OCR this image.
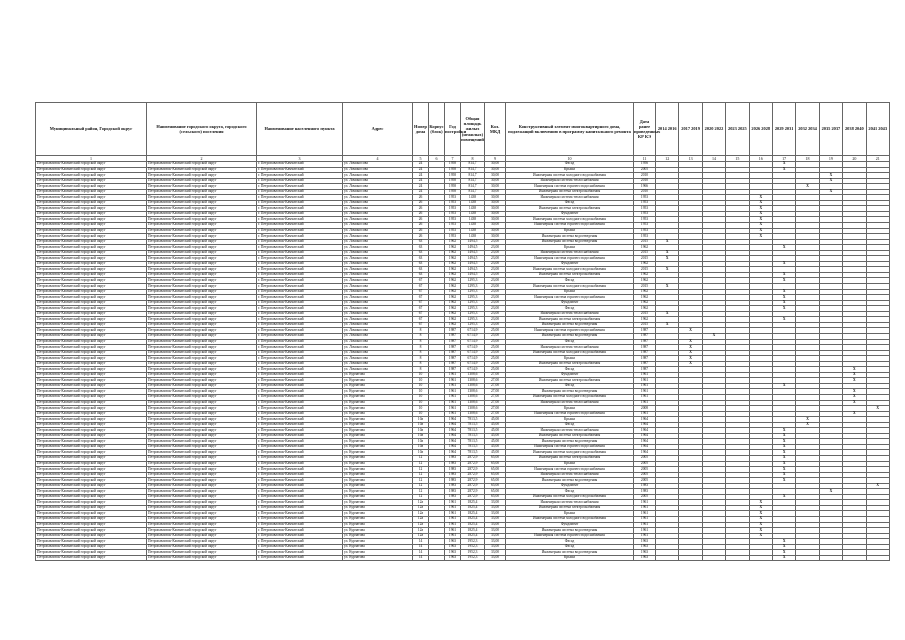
Муниципальный район, Городской округ	Наименование городского округа, городского (сельского) поселения	Наименование населенного пункта	Адрес	Номер дома	Корпус (блок)	Год постройки	Общая площадь жилых (нежилых) помещений	Кол. МКД	Конструктивный элемент многоквартирного дома, подлежащий включению в программу капитального ремонта	Дата ранее проведенных КР КЭ	2014 2016	2017 2019	2020 2022	2023 2025	2026 2028	2029 2031	2032 2034	2035 2037	2038 2040	2041 2043
1	2	3	4	5	6	7	8	9	10	11	12	13	14	15	16	17	18	19	20	21
Петропавловск-Камчатский городской округ	Петропавловск-Камчатский городской округ	г. Петропавловск-Камчатский	ул. Ломоносова	24		1958	814,7	30,00	Фасад	1956						X				
Петропавловск-Камчатский городской округ	Петропавловск-Камчатский городской округ	г. Петропавловск-Камчатский	ул. Ломоносова	24		1958	814,7	30,00	Крыша	2005						X				
Петропавловск-Камчатский городской округ	Петропавловск-Камчатский городской округ	г. Петропавловск-Камчатский	ул. Ломоносова	24		1958	814,7	30,00	Инженерная система холодного водоснабжения	2010								X		
Петропавловск-Камчатский городской округ	Петропавловск-Камчатский городской округ	г. Петропавловск-Камчатский	ул. Ломоносова	24		1958	814,7	30,00	Инженерная система теплоснабжения	2010								X		
Петропавловск-Камчатский городской округ	Петропавловск-Камчатский городской округ	г. Петропавловск-Камчатский	ул. Ломоносова	24		1958	814,7	30,00	Инженерная система горячего водоснабжения	1966							X			
Петропавловск-Камчатский городской округ	Петропавловск-Камчатский городской округ	г. Петропавловск-Камчатский	ул. Ломоносова	24		1958	814,7	30,00	Инженерная система электроснабжения	2010								X		
Петропавловск-Камчатский городской округ	Петропавловск-Камчатский городской округ	г. Петропавловск-Камчатский	ул. Ломоносова	26		1953	1438	30,00	Инженерная система теплоснабжения	1953					X					
Петропавловск-Камчатский городской округ	Петропавловск-Камчатский городской округ	г. Петропавловск-Камчатский	ул. Ломоносова	26		1953	1438	30,00	Фасад	1953					X					
Петропавловск-Камчатский городской округ	Петропавловск-Камчатский городской округ	г. Петропавловск-Камчатский	ул. Ломоносова	26		1953	1438	30,00	Инженерная система электроснабжения	1953					X					
Петропавловск-Камчатский городской округ	Петропавловск-Камчатский городской округ	г. Петропавловск-Камчатский	ул. Ломоносова	26		1953	1438	30,00	Фундамент	1953					X					
Петропавловск-Камчатский городской округ	Петропавловск-Камчатский городской округ	г. Петропавловск-Камчатский	ул. Ломоносова	26		1953	1438	30,00	Инженерная система холодного водоснабжения	1953					X					
Петропавловск-Камчатский городской округ	Петропавловск-Камчатский городской округ	г. Петропавловск-Камчатский	ул. Ломоносова	26		1953	1438	30,00	Инженерная система горячего водоснабжения	1953					X					
Петропавловск-Камчатский городской округ	Петропавловск-Камчатский городской округ	г. Петропавловск-Камчатский	ул. Ломоносова	26		1953	1438	30,00	Крыша	1953					X					
Петропавловск-Камчатский городской округ	Петропавловск-Камчатский городской округ	г. Петропавловск-Камчатский	ул. Ломоносова	26		1953	1438	30,00	Инженерная система водоотведения	1953					X					
Петропавловск-Камчатский городской округ	Петропавловск-Камчатский городской округ	г. Петропавловск-Камчатский	ул. Ломоносова	63		1962	1494,5	23,00	Инженерная система водоотведения	2015	X									
Петропавловск-Камчатский городской округ	Петропавловск-Камчатский городской округ	г. Петропавловск-Камчатский	ул. Ломоносова	63		1962	1494,5	23,00	Крыша	1962						X				
Петропавловск-Камчатский городской округ	Петропавловск-Камчатский городской округ	г. Петропавловск-Камчатский	ул. Ломоносова	63		1962	1494,5	23,00	Инженерная система теплоснабжения	2015	X									
Петропавловск-Камчатский городской округ	Петропавловск-Камчатский городской округ	г. Петропавловск-Камчатский	ул. Ломоносова	63		1962	1494,5	23,00	Инженерная система горячего водоснабжения	2015	X									
Петропавловск-Камчатский городской округ	Петропавловск-Камчатский городской округ	г. Петропавловск-Камчатский	ул. Ломоносова	63		1962	1494,5	23,00	Фундамент	1962						X				
Петропавловск-Камчатский городской округ	Петропавловск-Камчатский городской округ	г. Петропавловск-Камчатский	ул. Ломоносова	63		1962	1494,5	23,00	Инженерная система холодного водоснабжения	2015	X									
Петропавловск-Камчатский городской округ	Петропавловск-Камчатский городской округ	г. Петропавловск-Камчатский	ул. Ломоносова	63		1962	1494,5	23,00	Инженерная система электроснабжения	1962						X				
Петропавловск-Камчатский городской округ	Петропавловск-Камчатский городской округ	г. Петропавловск-Камчатский	ул. Ломоносова	67		1962	1295,3	23,00	Фасад	1962						X				
Петропавловск-Камчатский городской округ	Петропавловск-Камчатский городской округ	г. Петропавловск-Камчатский	ул. Ломоносова	67		1962	1295,3	23,00	Инженерная система холодного водоснабжения	2015	X									
Петропавловск-Камчатский городской округ	Петропавловск-Камчатский городской округ	г. Петропавловск-Камчатский	ул. Ломоносова	67		1962	1295,3	23,00	Крыша	1962						X				
Петропавловск-Камчатский городской округ	Петропавловск-Камчатский городской округ	г. Петропавловск-Камчатский	ул. Ломоносова	67		1962	1295,3	23,00	Инженерная система горячего водоснабжения	1962						X				
Петропавловск-Камчатский городской округ	Петропавловск-Камчатский городской округ	г. Петропавловск-Камчатский	ул. Ломоносова	67		1962	1295,3	23,00	Фундамент	1962						X				
Петропавловск-Камчатский городской округ	Петропавловск-Камчатский городской округ	г. Петропавловск-Камчатский	ул. Ломоносова	67		1962	1295,3	23,00	Фасад	1962						X				
Петропавловск-Камчатский городской округ	Петропавловск-Камчатский городской округ	г. Петропавловск-Камчатский	ул. Ломоносова	67		1962	1295,3	23,00	Инженерная система теплоснабжения	2015	X									
Петропавловск-Камчатский городской округ	Петропавловск-Камчатский городской округ	г. Петропавловск-Камчатский	ул. Ломоносова	67		1962	1295,3	23,00	Инженерная система электроснабжения	1962						X				
Петропавловск-Камчатский городской округ	Петропавловск-Камчатский городской округ	г. Петропавловск-Камчатский	ул. Ломоносова	67		1962	1295,3	23,00	Инженерная система водоотведения	2015	X									
Петропавловск-Камчатский городской округ	Петропавловск-Камчатский городской округ	г. Петропавловск-Камчатский	ул. Ломоносова	8		1987	6714,9	25,00	Инженерная система горячего водоснабжения	1987		X								
Петропавловск-Камчатский городской округ	Петропавловск-Камчатский городской округ	г. Петропавловск-Камчатский	ул. Ломоносова	8		1987	6714,9	25,00	Инженерная система водоотведения	1987			X							
Петропавловск-Камчатский городской округ	Петропавловск-Камчатский городской округ	г. Петропавловск-Камчатский	ул. Ломоносова	8		1987	6714,9	25,00	Фасад	1987		X								
Петропавловск-Камчатский городской округ	Петропавловск-Камчатский городской округ	г. Петропавловск-Камчатский	ул. Ломоносова	8		1987	6714,9	25,00	Инженерная система теплоснабжения	1987		X								
Петропавловск-Камчатский городской округ	Петропавловск-Камчатский городской округ	г. Петропавловск-Камчатский	ул. Ломоносова	8		1987	6714,9	25,00	Инженерная система холодного водоснабжения	1987		X								
Петропавловск-Камчатский городской округ	Петропавловск-Камчатский городской округ	г. Петропавловск-Камчатский	ул. Ломоносова	8		1987	6714,9	25,00	Крыша	1987		X								
Петропавловск-Камчатский городской округ	Петропавловск-Камчатский городской округ	г. Петропавловск-Камчатский	ул. Ломоносова	8		1987	6714,9	25,00	Инженерная система электроснабжения	1987		X								
Петропавловск-Камчатский городской округ	Петропавловск-Камчатский городской округ	г. Петропавловск-Камчатский	ул. Ломоносова	8		1987	6714,9	25,00	Фасад	1987									X	
Петропавловск-Камчатский городской округ	Петропавловск-Камчатский городской округ	г. Петропавловск-Камчатский	ул. Курчатова	10		1961	1308,6	27,00	Фундамент	1961									X	
Петропавловск-Камчатский городской округ	Петропавловск-Камчатский городской округ	г. Петропавловск-Камчатский	ул. Курчатова	10		1961	1308,6	27,00	Инженерная система электроснабжения	1961									X	
Петропавловск-Камчатский городской округ	Петропавловск-Камчатский городской округ	г. Петропавловск-Камчатский	ул. Курчатова	10		1961	1308,6	27,00	Фасад	1961						X				
Петропавловск-Камчатский городской округ	Петропавловск-Камчатский городской округ	г. Петропавловск-Камчатский	ул. Курчатова	10		1961	1308,6	27,00	Инженерная система водоотведения	1961									X	
Петропавловск-Камчатский городской округ	Петропавловск-Камчатский городской округ	г. Петропавловск-Камчатский	ул. Курчатова	10		1961	1308,6	27,00	Инженерная система холодного водоснабжения	1961									X	
Петропавловск-Камчатский городской округ	Петропавловск-Камчатский городской округ	г. Петропавловск-Камчатский	ул. Курчатова	10		1961	1308,6	27,00	Инженерная система теплоснабжения	1961									X	
Петропавловск-Камчатский городской округ	Петропавловск-Камчатский городской округ	г. Петропавловск-Камчатский	ул. Курчатова	10		1961	1308,6	27,00	Крыша	2008										X
Петропавловск-Камчатский городской округ	Петропавловск-Камчатский городской округ	г. Петропавловск-Камчатский	ул. Курчатова	10		1961	1308,6	27,00	Инженерная система горячего водоснабжения	1961									X	
Петропавловск-Камчатский городской округ	Петропавловск-Камчатский городской округ	г. Петропавловск-Камчатский	ул. Курчатова	10а		1964	7813,5	45,00	Крыша	1964							X			
Петропавловск-Камчатский городской округ	Петропавловск-Камчатский городской округ	г. Петропавловск-Камчатский	ул. Курчатова	10а		1964	7813,5	45,00	Фасад	1964							X			
Петропавловск-Камчатский городской округ	Петропавловск-Камчатский городской округ	г. Петропавловск-Камчатский	ул. Курчатова	10а		1964	7813,5	45,00	Инженерная система теплоснабжения	1964						X				
Петропавловск-Камчатский городской округ	Петропавловск-Камчатский городской округ	г. Петропавловск-Камчатский	ул. Курчатова	10а		1964	7813,5	45,00	Инженерная система электроснабжения	1964						X				
Петропавловск-Камчатский городской округ	Петропавловск-Камчатский городской округ	г. Петропавловск-Камчатский	ул. Курчатова	10а		1964	7813,5	45,00	Инженерная система водоотведения	1964						X				
Петропавловск-Камчатский городской округ	Петропавловск-Камчатский городской округ	г. Петропавловск-Камчатский	ул. Курчатова	10а		1964	7813,5	45,00	Инженерная система горячего водоснабжения	1964						X				
Петропавловск-Камчатский городской округ	Петропавловск-Камчатский городской округ	г. Петропавловск-Камчатский	ул. Курчатова	10а		1964	7813,5	45,00	Инженерная система холодного водоснабжения	1964						X				
Петропавловск-Камчатский городской округ	Петропавловск-Камчатский городской округ	г. Петропавловск-Камчатский	ул. Курчатова	12		1983	2872,9	65,00	Инженерная система электроснабжения	2005						X				
Петропавловск-Камчатский городской округ	Петропавловск-Камчатский городской округ	г. Петропавловск-Камчатский	ул. Курчатова	12		1983	2872,9	65,00	Крыша	2005						X				
Петропавловск-Камчатский городской округ	Петропавловск-Камчатский городской округ	г. Петропавловск-Камчатский	ул. Курчатова	12		1983	2872,9	65,00	Инженерная система горячего водоснабжения	2005						X				
Петропавловск-Камчатский городской округ	Петропавловск-Камчатский городской округ	г. Петропавловск-Камчатский	ул. Курчатова	12		1983	2872,9	65,00	Инженерная система теплоснабжения	2005						X				
Петропавловск-Камчатский городской округ	Петропавловск-Камчатский городской округ	г. Петропавловск-Камчатский	ул. Курчатова	12		1983	2872,9	65,00	Инженерная система водоотведения	2005						X				
Петропавловск-Камчатский городской округ	Петропавловск-Камчатский городской округ	г. Петропавловск-Камчатский	ул. Курчатова	12		1983	2872,9	65,00	Фундамент	1983										X
Петропавловск-Камчатский городской округ	Петропавловск-Камчатский городской округ	г. Петропавловск-Камчатский	ул. Курчатова	12		1983	2872,9	65,00	Фасад	1983								X		
Петропавловск-Камчатский городской округ	Петропавловск-Камчатский городской округ	г. Петропавловск-Камчатский	ул. Курчатова	12		1983	2872,9	65,00	Инженерная система холодного водоснабжения	2005						X				
Петропавловск-Камчатский городской округ	Петропавловск-Камчатский городской округ	г. Петропавловск-Камчатский	ул. Курчатова	12а		1961	1825,4	33,00	Инженерная система теплоснабжения	1961					X					
Петропавловск-Камчатский городской округ	Петропавловск-Камчатский городской округ	г. Петропавловск-Камчатский	ул. Курчатова	12а		1961	1825,4	33,00	Инженерная система электроснабжения	1961					X					
Петропавловск-Камчатский городской округ	Петропавловск-Камчатский городской округ	г. Петропавловск-Камчатский	ул. Курчатова	12а		1961	1825,4	33,00	Крыша	1961					X					
Петропавловск-Камчатский городской округ	Петропавловск-Камчатский городской округ	г. Петропавловск-Камчатский	ул. Курчатова	12а		1961	1825,4	33,00	Инженерная система холодного водоснабжения	1961					X					
Петропавловск-Камчатский городской округ	Петропавловск-Камчатский городской округ	г. Петропавловск-Камчатский	ул. Курчатова	12а		1961	1825,4	33,00	Фундамент	1961					X					
Петропавловск-Камчатский городской округ	Петропавловск-Камчатский городской округ	г. Петропавловск-Камчатский	ул. Курчатова	12а		1961	1825,4	33,00	Инженерная система водоотведения	1961					X					
Петропавловск-Камчатский городской округ	Петропавловск-Камчатский городской округ	г. Петропавловск-Камчатский	ул. Курчатова	12а		1961	1825,4	33,00	Инженерная система горячего водоснабжения	1961					X					
Петропавловск-Камчатский городской округ	Петропавловск-Камчатский городской округ	г. Петропавловск-Камчатский	ул. Курчатова	14		1963	1952,3	33,00	Фасад	1963						X				
Петропавловск-Камчатский городской округ	Петропавловск-Камчатский городской округ	г. Петропавловск-Камчатский	ул. Курчатова	14		1963	1952,3	33,00	Фасад	1963						X				
Петропавловск-Камчатский городской округ	Петропавловск-Камчатский городской округ	г. Петропавловск-Камчатский	ул. Курчатова	14		1963	1952,3	33,00	Инженерная система водоотведения	1963						X				
Петропавловск-Камчатский городской округ	Петропавловск-Камчатский городской округ	г. Петропавловск-Камчатский	ул. Курчатова	14		1963	1952,3	33,00	Крыша	1963						X				
